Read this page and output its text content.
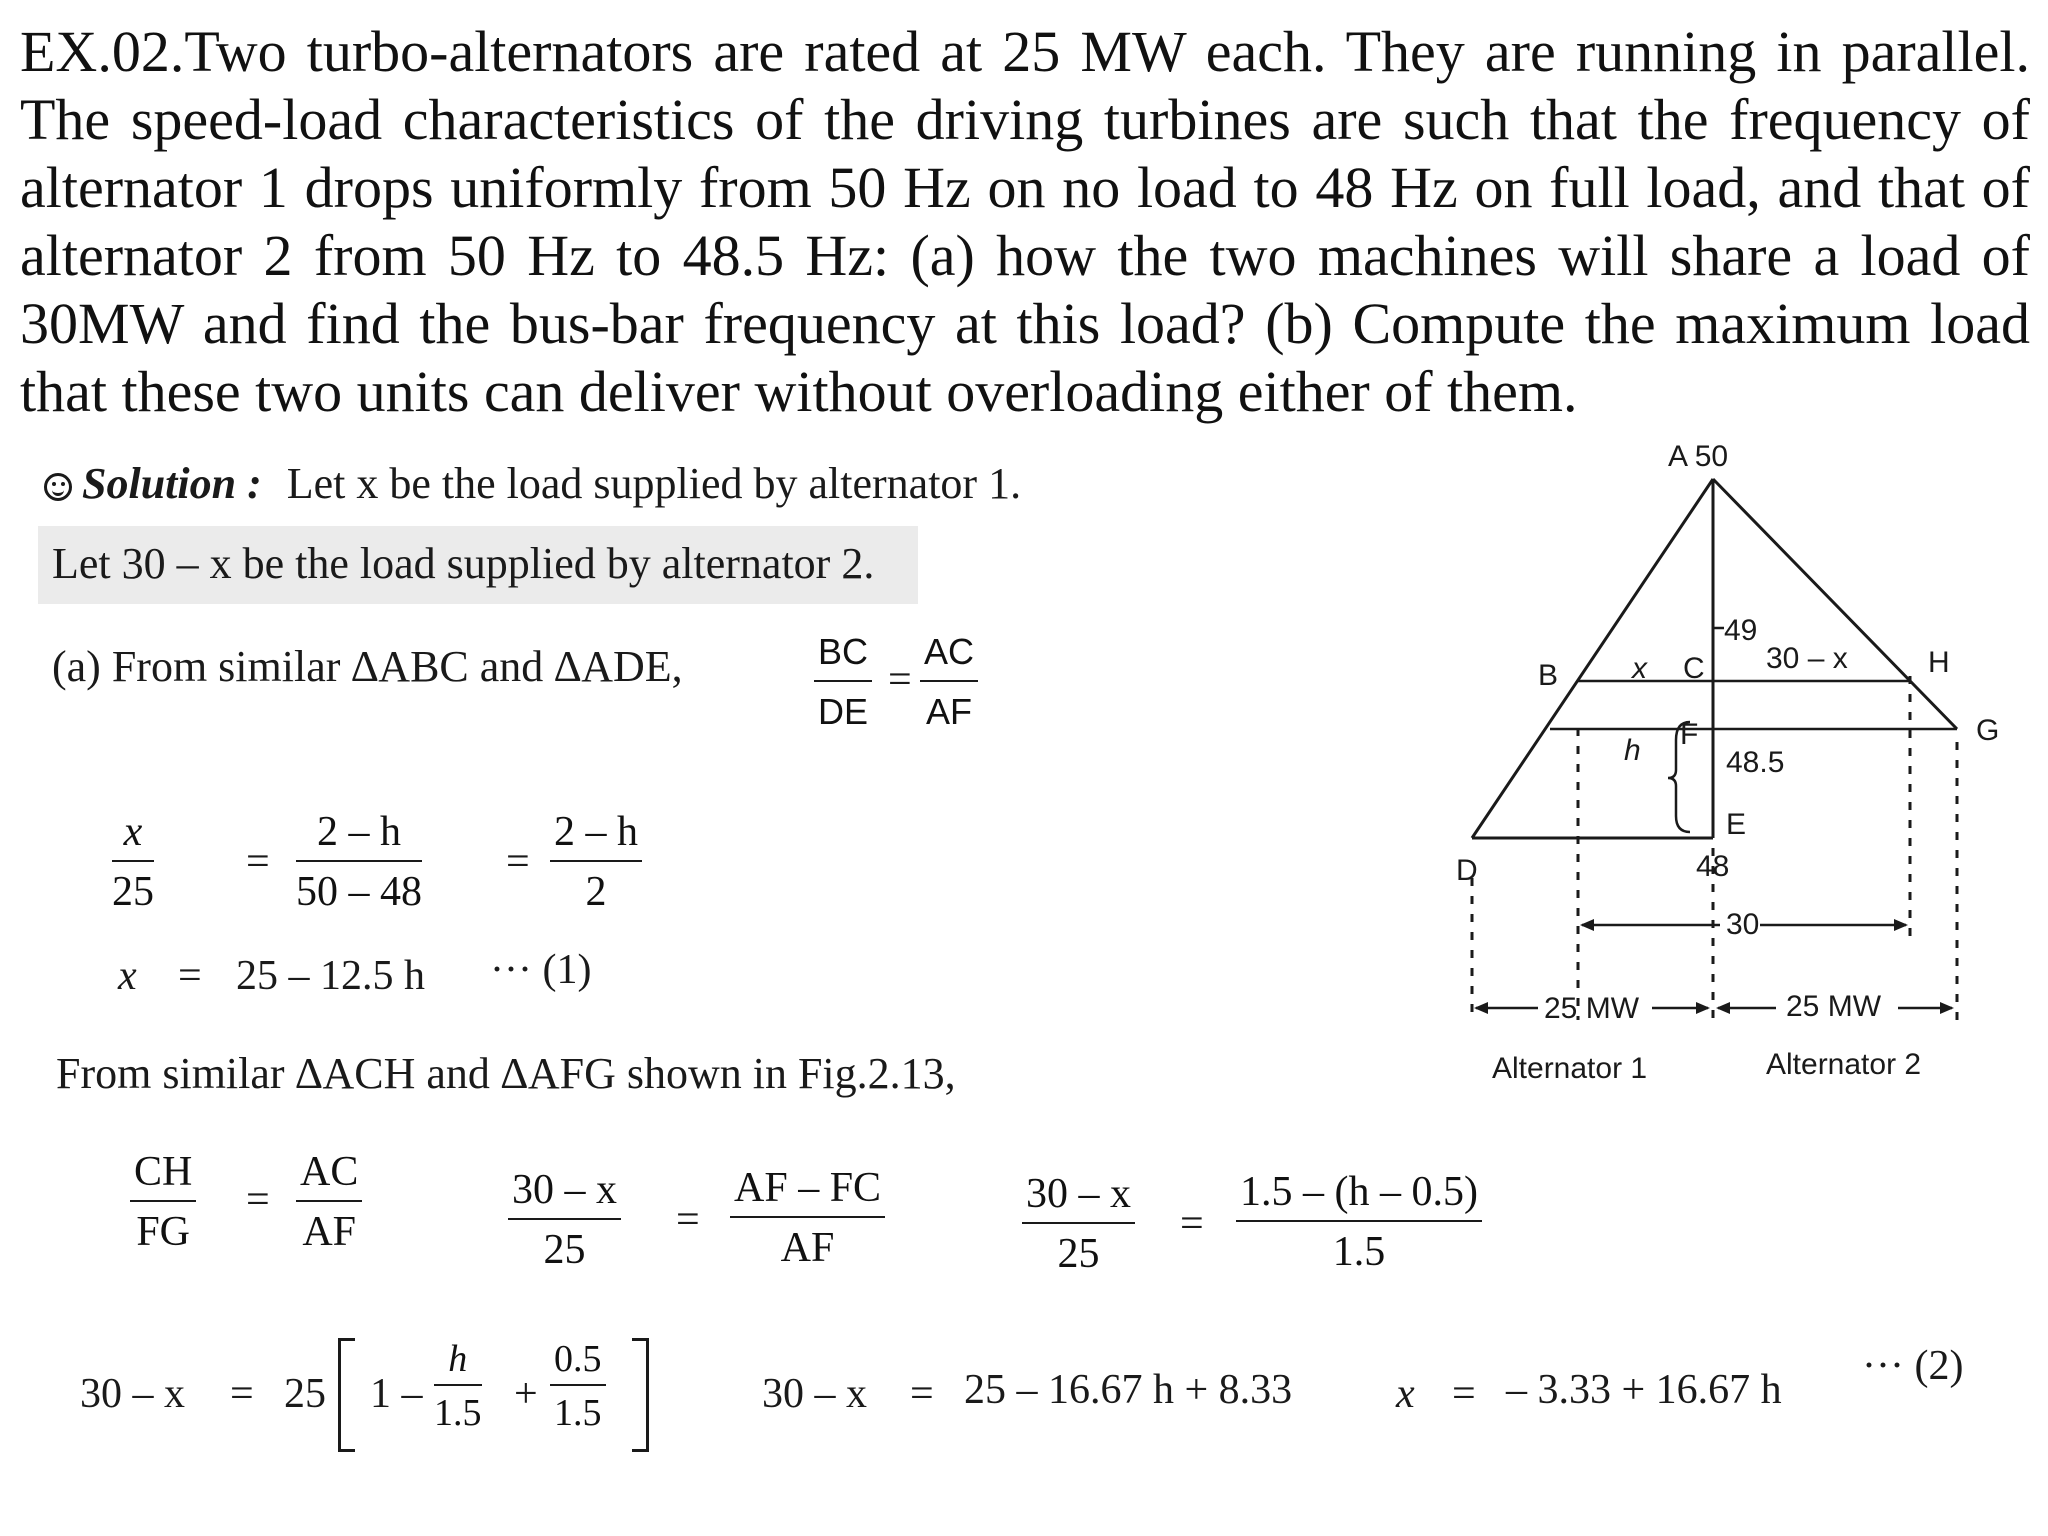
EX.02.Two turbo-alternators are rated at 25 MW each. They are running in parallel. The speed-load characteristics of the driving turbines are such that the frequency of alternator 1 drops uniformly from 50 Hz on no load to 48 Hz on full load, and that of alternator 2 from 50 Hz to 48.5 Hz: (a) how the two machines will share a load of 30MW and find the bus-bar frequency at this load? (b) Compute the maximum load that these two units can deliver without overloading either of them.

Solution : Let x be the load supplied by alternator 1.
Let 30 – x be the load supplied by alternator 2.
(a) From similar ∆ABC and ∆ADE,	$\frac{BC}{DE} = \frac{AC}{AF}$
$\frac{x}{25} = \frac{2 - h}{50 - 48} = \frac{2 - h}{2}$
x = 25 – 12.5 h ··· (1)
From similar ∆ACH and ∆AFG shown in Fig.2.13,
$\frac{CH}{FG} = \frac{AC}{AF}$	$\frac{30 - x}{25} = \frac{AF - FC}{AF}$	$\frac{30 - x}{25} = \frac{1.5 - (h - 0.5)}{1.5}$
30 – x = 25 $1 - \frac{h}{1.5} + \frac{0.5}{1.5}$	30 – x = 25 – 16.67 h + 8.33 x = – 3.33 + 16.67 h
··· (2)
A 50
B x C
49
30 – x	H
G
h F
48.5
E
D	48
30
25 MW	25 MW
Alternator 1	Alternator 2
